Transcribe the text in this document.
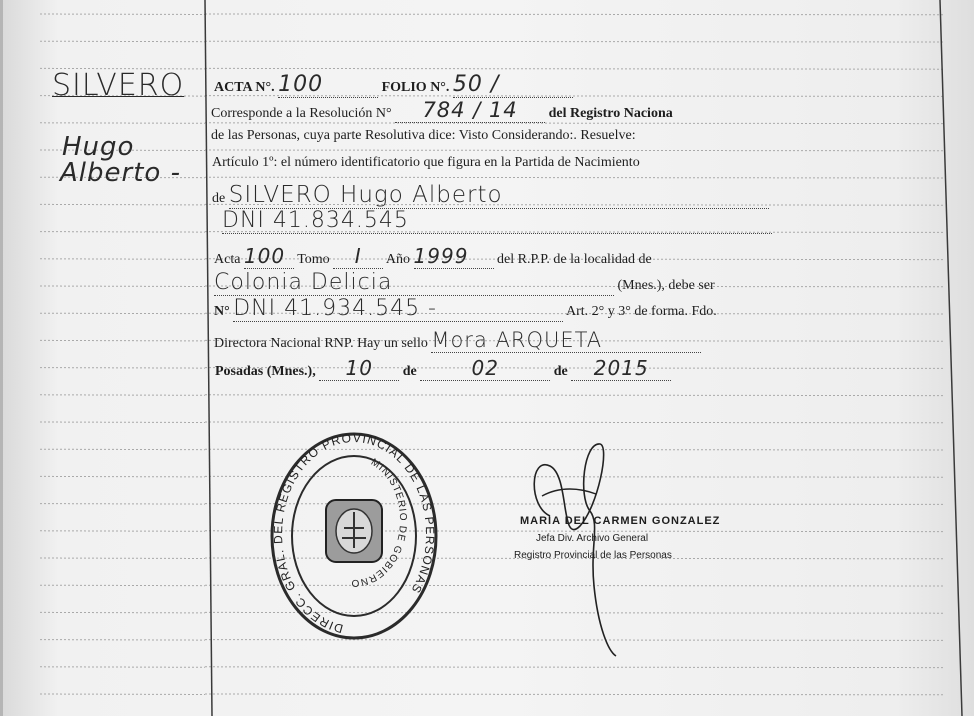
SILVERO
Hugo
Alberto -
ACTA N°. 100	FOLIO N°. 50 /
Corresponde a la Resolución N° 784 / 14 del Registro Naciona
de las Personas, cuya parte Resolutiva dice: Visto Considerando:. Resuelve:
Artículo 1º: el número identificatorio que figura en la Partida de Nacimiento
de SILVERO Hugo Alberto
DNI 41.834.545
Acta 100 Tomo I Año 1999 del R.P.P. de la localidad de
Colonia Delicia	(Mnes.), debe ser
N° DNI 41.934.545 -	Art. 2° y 3° de forma. Fdo.
Directora Nacional RNP. Hay un sello Mora ARQUETA
Posadas (Mnes.), 10 de	02	de 2015
DIRECC. GRAL. DEL REGISTRO PROVINCIAL DE LAS PERSONAS
MINISTERIO DE GOBIERNO
MARIA DEL CARMEN GONZALEZ
Jefa Div. Archivo General
Registro Provincial de las Personas
